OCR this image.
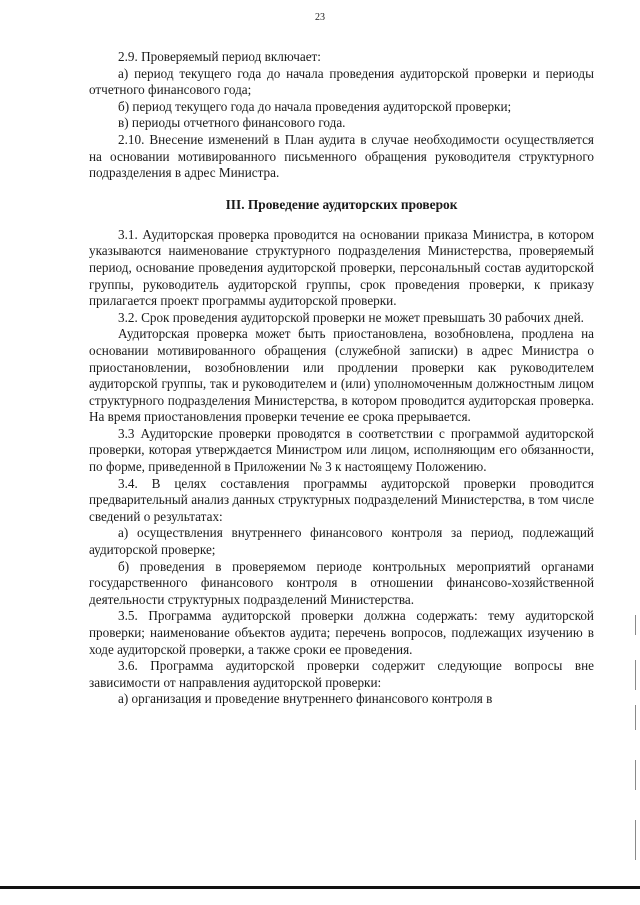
23

2.9. Проверяемый период включает:

а) период текущего года до начала проведения аудиторской проверки и периоды отчетного финансового года;

б) период текущего года до начала проведения аудиторской проверки;

в) периоды отчетного финансового года.

2.10. Внесение изменений в План аудита в случае необходимости осуществляется на основании мотивированного письменного обращения руководителя структурного подразделения в адрес Министра.

III. Проведение аудиторских проверок

3.1. Аудиторская проверка проводится на основании приказа Министра, в котором указываются наименование структурного подразделения Министерства, проверяемый период, основание проведения аудиторской проверки, персональный состав аудиторской группы, руководитель аудиторской группы, срок проведения проверки, к приказу прилагается проект программы аудиторской проверки.

3.2. Срок проведения аудиторской проверки не может превышать 30 рабочих дней.

Аудиторская проверка может быть приостановлена, возобновлена, продлена на основании мотивированного обращения (служебной записки) в адрес Министра о приостановлении, возобновлении или продлении проверки как руководителем аудиторской группы, так и руководителем и (или) уполномоченным должностным лицом структурного подразделения Министерства, в котором проводится аудиторская проверка. На время приостановления проверки течение ее срока прерывается.

3.3 Аудиторские проверки проводятся в соответствии с программой аудиторской проверки, которая утверждается Министром или лицом, исполняющим его обязанности, по форме, приведенной в Приложении № 3 к настоящему Положению.

3.4. В целях составления программы аудиторской проверки проводится предварительный анализ данных структурных подразделений Министерства, в том числе сведений о результатах:

а) осуществления внутреннего финансового контроля за период, подлежащий аудиторской проверке;

б) проведения в проверяемом периоде контрольных мероприятий органами государственного финансового контроля в отношении финансово-хозяйственной деятельности структурных подразделений Министерства.

3.5. Программа аудиторской проверки должна содержать: тему аудиторской проверки; наименование объектов аудита; перечень вопросов, подлежащих изучению в ходе аудиторской проверки, а также сроки ее проведения.

3.6. Программа аудиторской проверки содержит следующие вопросы вне зависимости от направления аудиторской проверки:

а) организация и проведение внутреннего финансового контроля в
